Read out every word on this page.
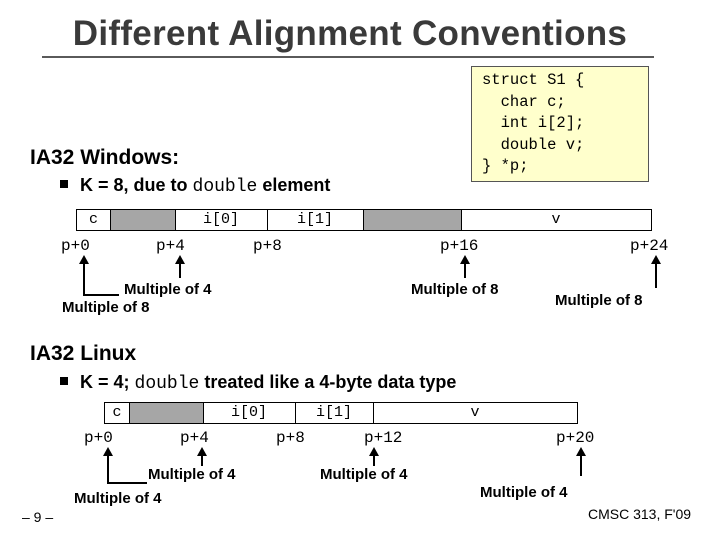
Different Alignment Conventions
struct S1 {
char c;
int i[2];
double v;
} *p;
IA32 Windows:
K = 8, due to double element
c	i[0]	i[1]	v
p+0	p+4	p+8	p+16	p+24
Multiple of 4
Multiple of 8
Multiple of 8
Multiple of 8
IA32 Linux
K = 4; double treated like a 4-byte data type
c	i[0]	i[1]	v
p+0	p+4	p+8	p+12	p+20
Multiple of 4
Multiple of 4
Multiple of 4
Multiple of 4
– 9 –	CMSC 313, F'09
